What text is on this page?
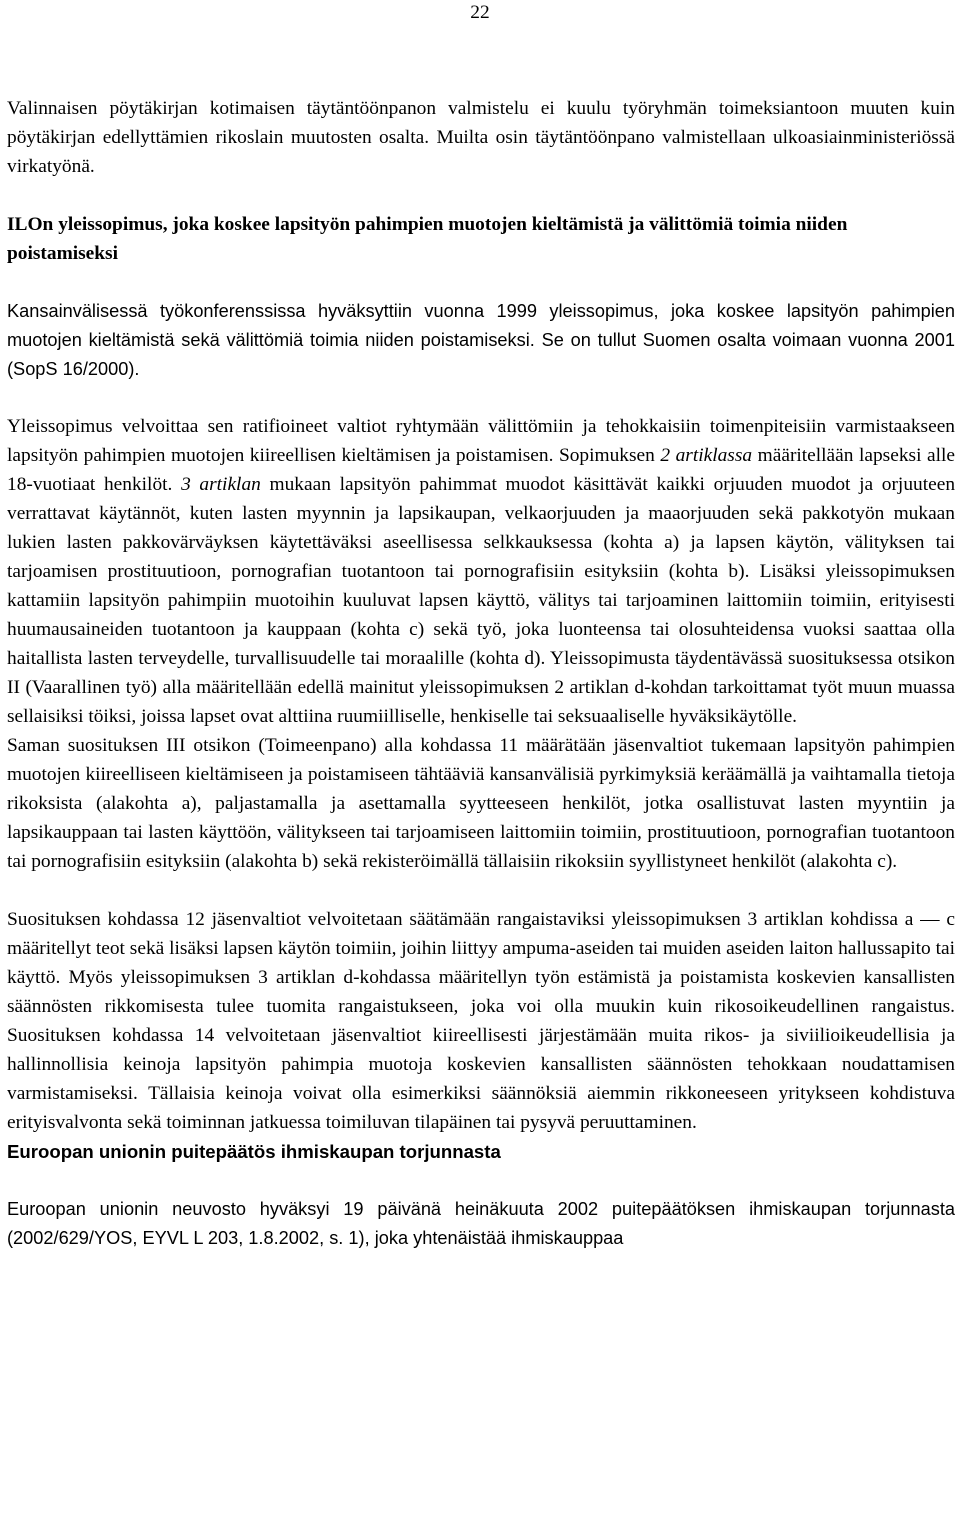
22

Valinnaisen pöytäkirjan kotimaisen täytäntöönpanon valmistelu ei kuulu työryhmän toimeksiantoon muuten kuin pöytäkirjan edellyttämien rikoslain muutosten osalta. Muilta osin täytäntöönpano valmistellaan ulkoasiainministeriössä virkatyönä.

ILOn yleissopimus, joka koskee lapsityön pahimpien muotojen kieltämistä ja välittömiä toimia niiden poistamiseksi

Kansainvälisessä työkonferenssissa hyväksyttiin vuonna 1999 yleissopimus, joka koskee lapsityön pahimpien muotojen kieltämistä sekä välittömiä toimia niiden poistamiseksi. Se on tullut Suomen osalta voimaan vuonna 2001 (SopS 16/2000).

Yleissopimus velvoittaa sen ratifioineet valtiot ryhtymään välittömiin ja tehokkaisiin toimenpiteisiin varmistaakseen lapsityön pahimpien muotojen kiireellisen kieltämisen ja poistamisen. Sopimuksen 2 artiklassa määritellään lapseksi alle 18-vuotiaat henkilöt. 3 artiklan mukaan lapsityön pahimmat muodot käsittävät kaikki orjuuden muodot ja orjuuteen verrattavat käytännöt, kuten lasten myynnin ja lapsikaupan, velkaorjuuden ja maaorjuuden sekä pakkotyön mukaan lukien lasten pakkovärväyksen käytettäväksi aseellisessa selkkauksessa (kohta a) ja lapsen käytön, välityksen tai tarjoamisen prostituutioon, pornografian tuotantoon tai pornografisiin esityksiin (kohta b). Lisäksi yleissopimuksen kattamiin lapsityön pahimpiin muotoihin kuuluvat lapsen käyttö, välitys tai tarjoaminen laittomiin toimiin, erityisesti huumausaineiden tuotantoon ja kauppaan (kohta c) sekä työ, joka luonteensa tai olosuhteidensa vuoksi saattaa olla haitallista lasten terveydelle, turvallisuudelle tai moraalille (kohta d). Yleissopimusta täydentävässä suosituksessa otsikon II (Vaarallinen työ) alla määritellään edellä mainitut yleissopimuksen 2 artiklan d-kohdan tarkoittamat työt muun muassa sellaisiksi töiksi, joissa lapset ovat alttiina ruumiilliselle, henkiselle tai seksuaaliselle hyväksikäytölle.

Saman suosituksen III otsikon (Toimeenpano) alla kohdassa 11 määrätään jäsenvaltiot tukemaan lapsityön pahimpien muotojen kiireelliseen kieltämiseen ja poistamiseen tähtääviä kansanvälisiä pyrkimyksiä keräämällä ja vaihtamalla tietoja rikoksista (alakohta a), paljastamalla ja asettamalla syytteeseen henkilöt, jotka osallistuvat lasten myyntiin ja lapsikauppaan tai lasten käyttöön, välitykseen tai tarjoamiseen laittomiin toimiin, prostituutioon, pornografian tuotantoon tai pornografisiin esityksiin (alakohta b) sekä rekisteröimällä tällaisiin rikoksiin syyllistyneet henkilöt (alakohta c).

Suosituksen kohdassa 12 jäsenvaltiot velvoitetaan säätämään rangaistaviksi yleissopimuksen 3 artiklan kohdissa a — c määritellyt teot sekä lisäksi lapsen käytön toimiin, joihin liittyy ampuma-aseiden tai muiden aseiden laiton hallussapito tai käyttö. Myös yleissopimuksen 3 artiklan d-kohdassa määritellyn työn estämistä ja poistamista koskevien kansallisten säännösten rikkomisesta tulee tuomita rangaistukseen, joka voi olla muukin kuin rikosoikeudellinen rangaistus. Suosituksen kohdassa 14 velvoitetaan jäsenvaltiot kiireellisesti järjestämään muita rikos- ja siviilioikeudellisia ja hallinnollisia keinoja lapsityön pahimpia muotoja koskevien kansallisten säännösten tehokkaan noudattamisen varmistamiseksi. Tällaisia keinoja voivat olla esimerkiksi säännöksiä aiemmin rikkoneeseen yritykseen kohdistuva erityisvalvonta sekä toiminnan jatkuessa toimiluvan tilapäinen tai pysyvä peruuttaminen.

Euroopan unionin puitepäätös ihmiskaupan torjunnasta

Euroopan unionin neuvosto hyväksyi 19 päivänä heinäkuuta 2002 puitepäätöksen ihmiskaupan torjunnasta (2002/629/YOS, EYVL L 203, 1.8.2002, s. 1), joka yhtenäistää ihmiskauppaa
